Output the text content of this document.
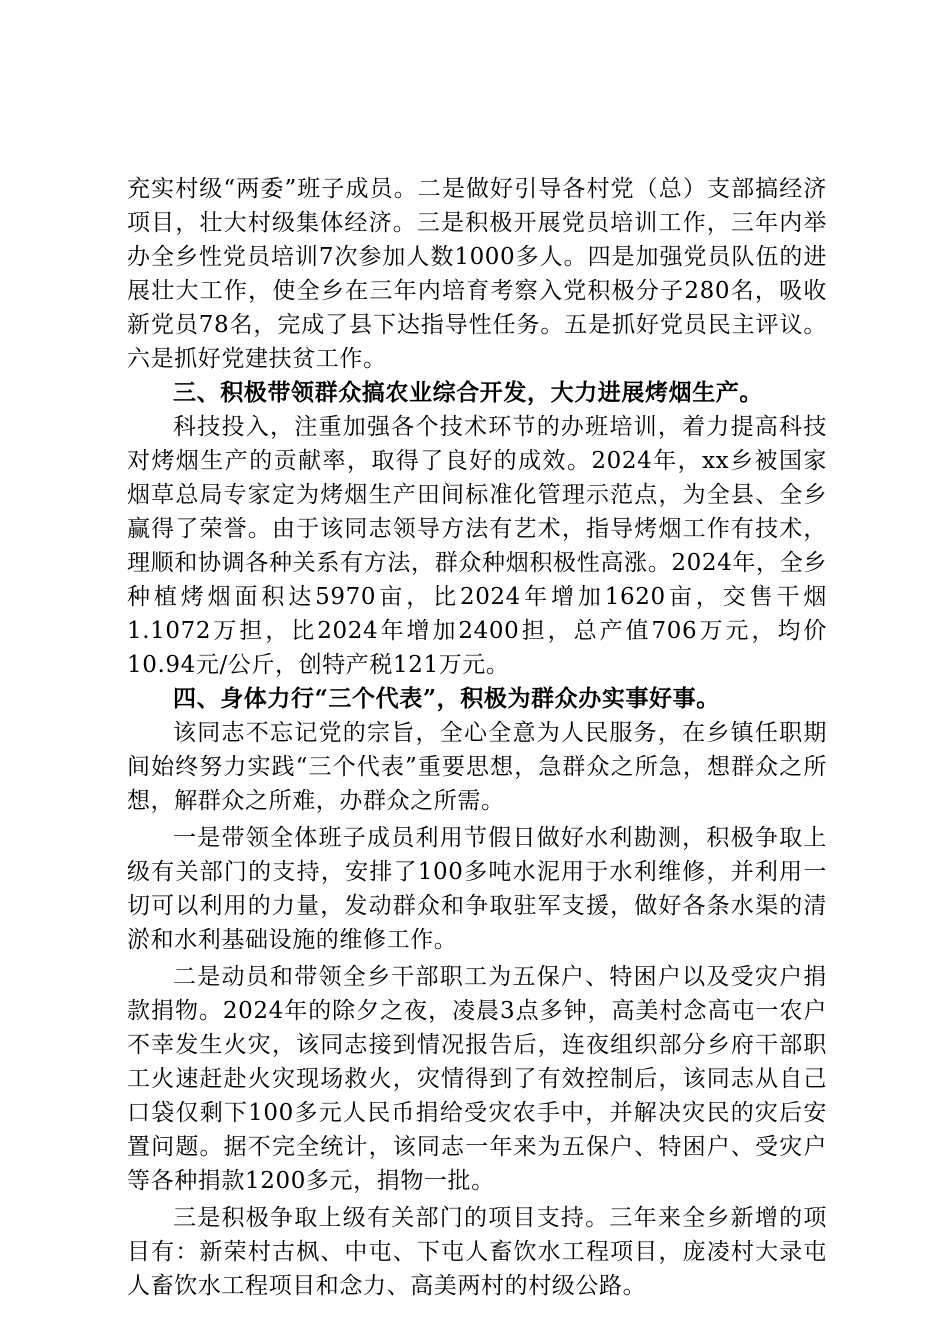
充实村级“两委”班子成员。二是做好引导各村党（总）支部搞经济项目，壮大村级集体经济。三是积极开展党员培训工作，三年内举办全乡性党员培训7次参加人数1000多人。四是加强党员队伍的进展壮大工作，使全乡在三年内培育考察入党积极分子280名，吸收新党员78名，完成了县下达指导性任务。五是抓好党员民主评议。六是抓好党建扶贫工作。

三、积极带领群众搞农业综合开发，大力进展烤烟生产。

科技投入，注重加强各个技术环节的办班培训，着力提高科技对烤烟生产的贡献率，取得了良好的成效。2024年，xx乡被国家烟草总局专家定为烤烟生产田间标准化管理示范点，为全县、全乡赢得了荣誉。由于该同志领导方法有艺术，指导烤烟工作有技术，理顺和协调各种关系有方法，群众种烟积极性高涨。2024年，全乡种植烤烟面积达5970亩，比2024年增加1620亩，交售干烟1.1072万担，比2024年增加2400担，总产值706万元，均价10.94元/公斤，创特产税121万元。

四、身体力行“三个代表”，积极为群众办实事好事。

该同志不忘记党的宗旨，全心全意为人民服务，在乡镇任职期间始终努力实践“三个代表”重要思想，急群众之所急，想群众之所想，解群众之所难，办群众之所需。

一是带领全体班子成员利用节假日做好水利勘测，积极争取上级有关部门的支持，安排了100多吨水泥用于水利维修，并利用一切可以利用的力量，发动群众和争取驻军支援，做好各条水渠的清淤和水利基础设施的维修工作。

二是动员和带领全乡干部职工为五保户、特困户以及受灾户捐款捐物。2024年的除夕之夜，凌晨3点多钟，高美村念高屯一农户不幸发生火灾，该同志接到情况报告后，连夜组织部分乡府干部职工火速赶赴火灾现场救火，灾情得到了有效控制后，该同志从自己口袋仅剩下100多元人民币捐给受灾农手中，并解决灾民的灾后安置问题。据不完全统计，该同志一年来为五保户、特困户、受灾户等各种捐款1200多元，捐物一批。

三是积极争取上级有关部门的项目支持。三年来全乡新增的项目有：新荣村古枫、中屯、下屯人畜饮水工程项目，庞凌村大录屯人畜饮水工程项目和念力、高美两村的村级公路。
